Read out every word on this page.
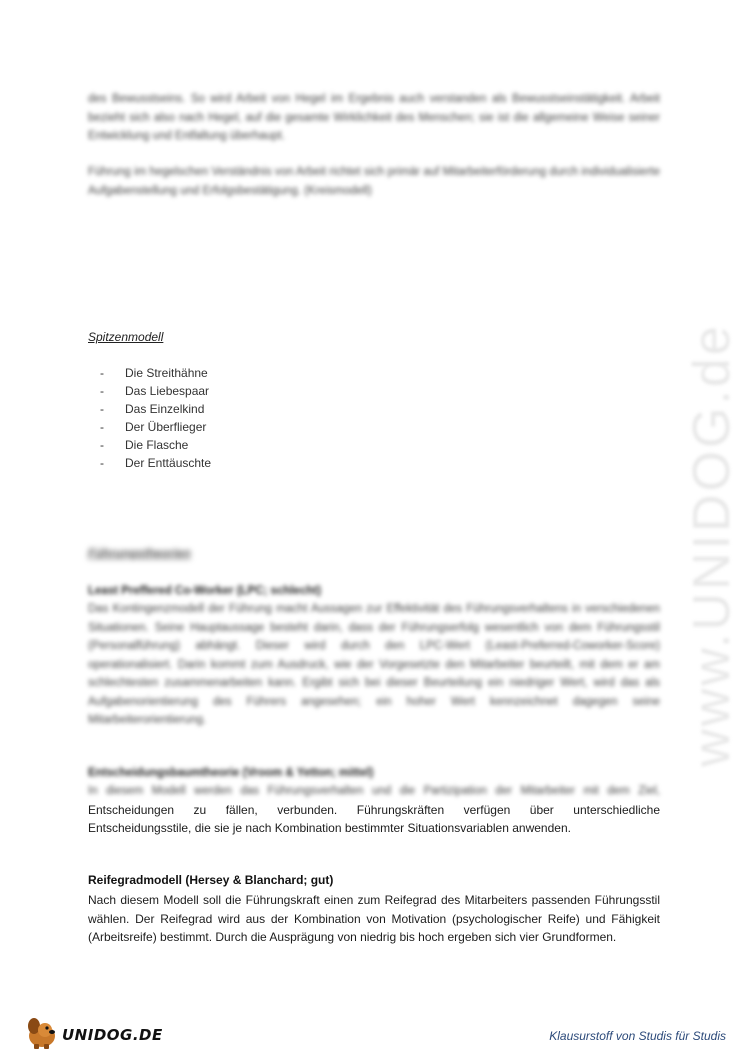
des Bewusstseins. So wird Arbeit von Hegel im Ergebnis auch verstanden als Bewusstseinstätigkeit. Arbeit bezieht sich also nach Hegel, auf die gesamte Wirklichkeit des Menschen; sie ist die allgemeine Weise seiner Entwicklung und Entfaltung überhaupt.

Führung im hegelschen Verständnis von Arbeit richtet sich primär auf Mitarbeiterförderung durch individualisierte Aufgabenstellung und Erfolgsbestätigung. (Kreismodell)

Spitzenmodell
- Die Streithähne
- Das Liebespaar
- Das Einzelkind
- Der Überflieger
- Die Flasche
- Der Enttäuschte
Führungstheorien
Least Preffered Co-Worker (LPC; schlecht)

Das Kontingenzmodell der Führung macht Aussagen zur Effektivität des Führungsverhaltens in verschiedenen Situationen. Seine Hauptaussage besteht darin, dass der Führungserfolg wesentlich von dem Führungsstil (Personalführung) abhängt. Dieser wird durch den LPC-Wert (Least-Preferred-Coworker-Score) operationalisiert. Darin kommt zum Ausdruck, wie der Vorgesetzte den Mitarbeiter beurteilt, mit dem er am schlechtesten zusammenarbeiten kann. Ergibt sich bei dieser Beurteilung ein niedriger Wert, wird das als Aufgabenorientierung des Führers angesehen; ein hoher Wert kennzeichnet dagegen seine Mitarbeiterorientierung.

Entscheidungsbaumtheorie (Vroom & Yetton; mittel)

In diesem Modell werden das Führungsverhalten und die Partizipation der Mitarbeiter mit dem Ziel,

Entscheidungen zu fällen, verbunden. Führungskräften verfügen über unterschiedliche

Entscheidungsstile, die sie je nach Kombination bestimmter Situationsvariablen anwenden.

Reifegradmodell (Hersey & Blanchard; gut)

Nach diesem Modell soll die Führungskraft einen zum Reifegrad des Mitarbeiters passenden Führungsstil wählen. Der Reifegrad wird aus der Kombination von Motivation (psychologischer Reife) und Fähigkeit (Arbeitsreife) bestimmt. Durch die Ausprägung von niedrig bis hoch ergeben sich vier Grundformen.

www.UNIDOG.de
UNIDOG.DE	Klausurstoff von Studis für Studis
